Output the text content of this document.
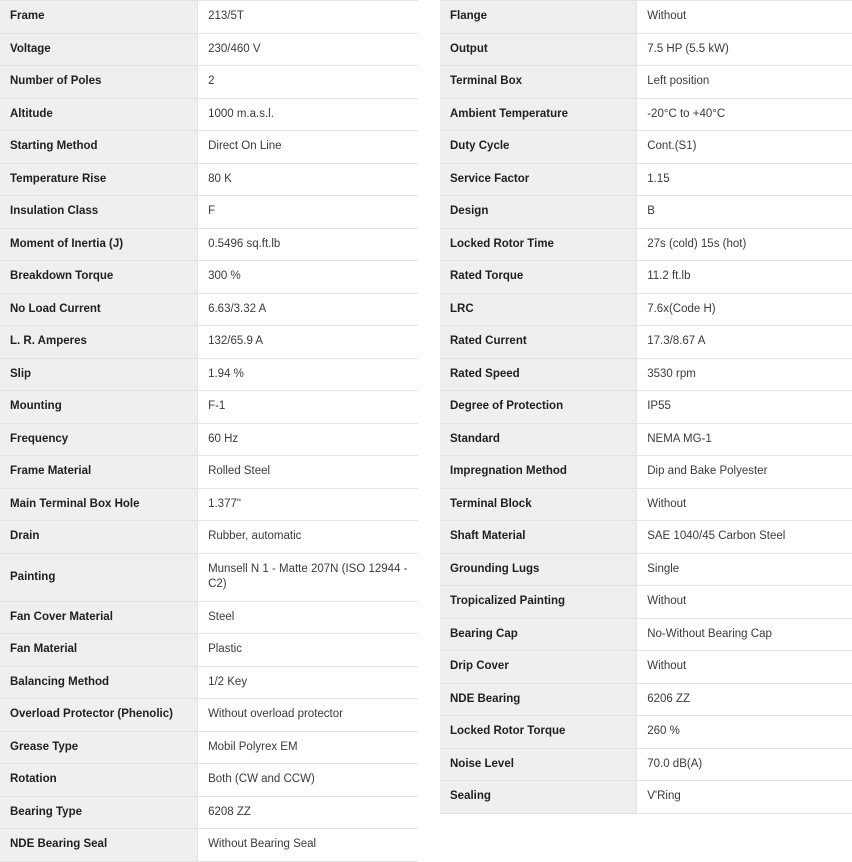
Frame	213/5T
Voltage	230/460 V
Number of Poles	2
Altitude	1000 m.a.s.l.
Starting Method	Direct On Line
Temperature Rise	80 K
Insulation Class	F
Moment of Inertia (J)	0.5496 sq.ft.lb
Breakdown Torque	300 %
No Load Current	6.63/3.32 A
L. R. Amperes	132/65.9 A
Slip	1.94 %
Mounting	F-1
Frequency	60 Hz
Frame Material	Rolled Steel
Main Terminal Box Hole	1.377"
Drain	Rubber, automatic
Painting	Munsell N 1 - Matte 207N (ISO 12944 - C2)
Fan Cover Material	Steel
Fan Material	Plastic
Balancing Method	1/2 Key
Overload Protector (Phenolic)	Without overload protector
Grease Type	Mobil Polyrex EM
Rotation	Both (CW and CCW)
Bearing Type	6208 ZZ
NDE Bearing Seal	Without Bearing Seal
Flange	Without
Output	7.5 HP (5.5 kW)
Terminal Box	Left position
Ambient Temperature	-20°C to +40°C
Duty Cycle	Cont.(S1)
Service Factor	1.15
Design	B
Locked Rotor Time	27s (cold) 15s (hot)
Rated Torque	11.2 ft.lb
LRC	7.6x(Code H)
Rated Current	17.3/8.67 A
Rated Speed	3530 rpm
Degree of Protection	IP55
Standard	NEMA MG-1
Impregnation Method	Dip and Bake Polyester
Terminal Block	Without
Shaft Material	SAE 1040/45 Carbon Steel
Grounding Lugs	Single
Tropicalized Painting	Without
Bearing Cap	No-Without Bearing Cap
Drip Cover	Without
NDE Bearing	6206 ZZ
Locked Rotor Torque	260 %
Noise Level	70.0 dB(A)
Sealing	V'Ring
